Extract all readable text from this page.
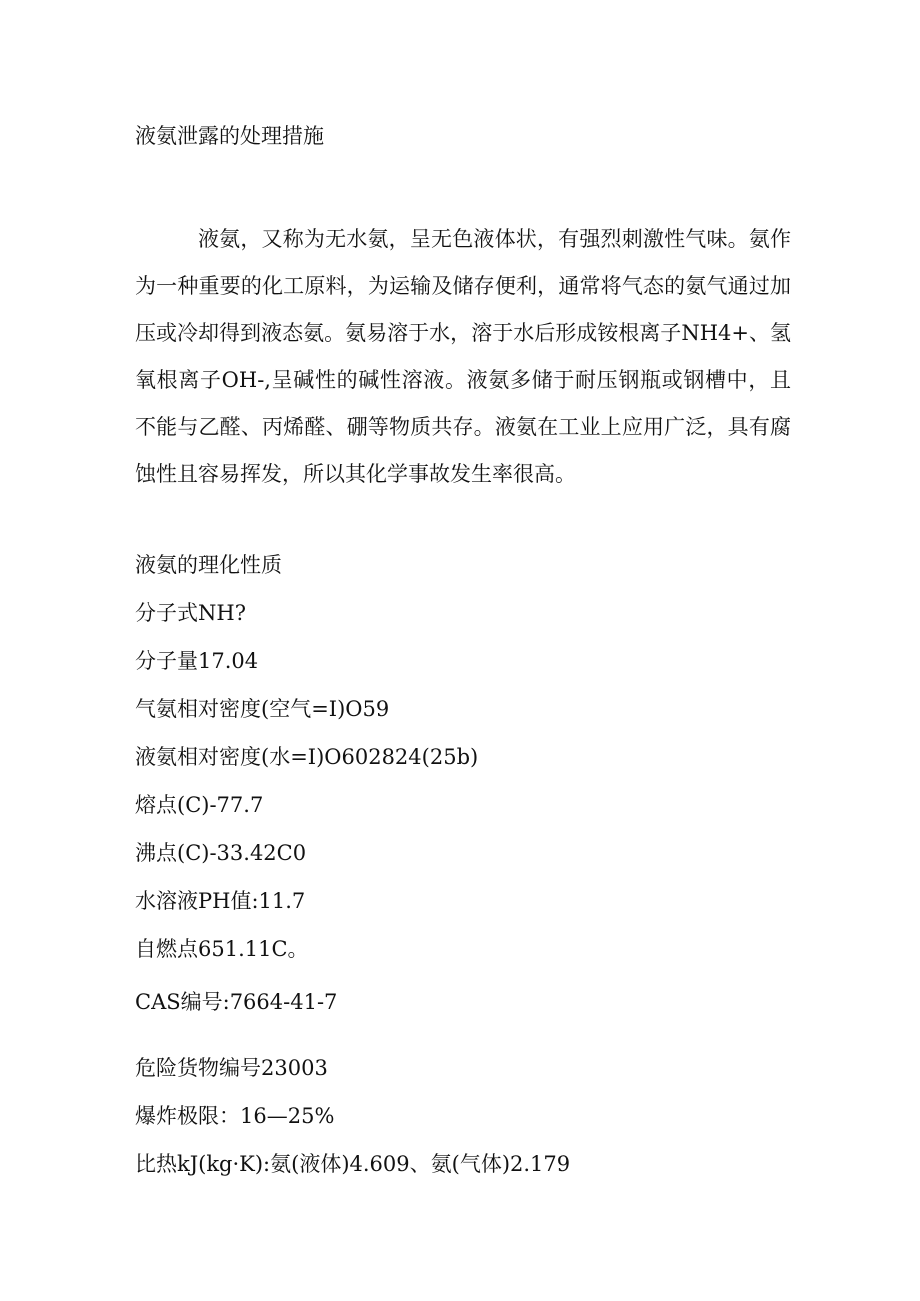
液氨泄露的处理措施

液氨，又称为无水氨，呈无色液体状，有强烈刺激性气味。氨作为一种重要的化工原料，为运输及储存便利，通常将气态的氨气通过加压或冷却得到液态氨。氨易溶于水，溶于水后形成铵根离子NH4+、氢氧根离子OH-,呈碱性的碱性溶液。液氨多储于耐压钢瓶或钢槽中，且不能与乙醛、丙烯醛、硼等物质共存。液氨在工业上应用广泛，具有腐蚀性且容易挥发，所以其化学事故发生率很高。

液氨的理化性质

分子式NH?

分子量17.04

气氨相对密度(空气=I)O59

液氨相对密度(水=I)O602824(25b)

熔点(C)-77.7

沸点(C)-33.42C0

水溶液PH值:11.7

自燃点651.11C。

CAS编号:7664-41-7

危险货物编号23003

爆炸极限：16—25%

比热kJ(kg·K):氨(液体)4.609、氨(气体)2.179
